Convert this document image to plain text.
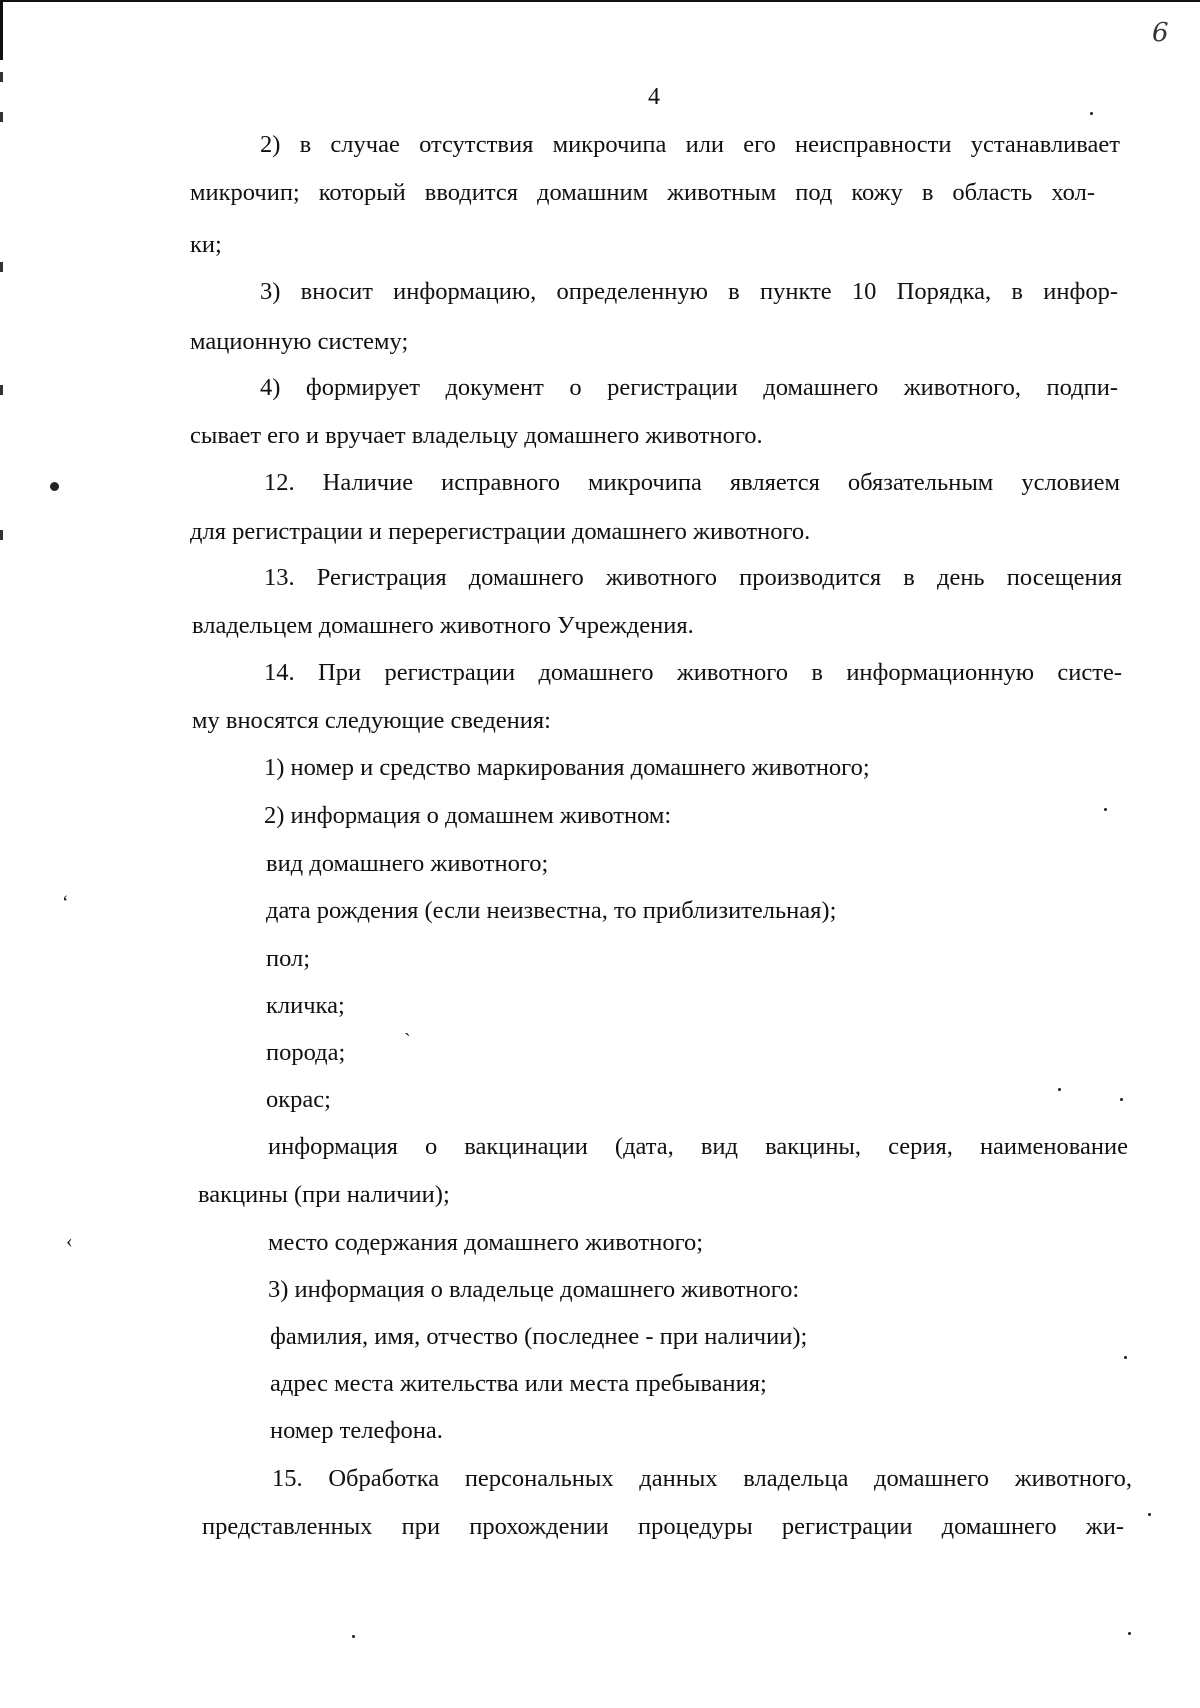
6
4
2) в случае отсутствия микрочипа или его неисправности устанавливает
микрочип; который вводится домашним животным под кожу в область хол-
ки;
3) вносит информацию, определенную в пункте 10 Порядка, в инфор-
мационную систему;
4) формирует документ о регистрации домашнего животного, подпи-
сывает его и вручает владельцу домашнего животного.
12. Наличие исправного микрочипа является обязательным условием
для регистрации и перерегистрации домашнего животного.
13. Регистрация домашнего животного производится в день посещения
владельцем домашнего животного Учреждения.
14. При регистрации домашнего животного в информационную систе-
му вносятся следующие сведения:
1) номер и средство маркирования домашнего животного;
2) информация о домашнем животном:
вид домашнего животного;
дата рождения (если неизвестна, то приблизительная);
пол;
кличка;
порода;
окрас;
информация о вакцинации (дата, вид вакцины, серия, наименование
вакцины (при наличии);
место содержания домашнего животного;
3) информация о владельце домашнего животного:
фамилия, имя, отчество (последнее - при наличии);
адрес места жительства или места пребывания;
номер телефона.
15. Обработка персональных данных владельца домашнего животного,
представленных при прохождении процедуры регистрации домашнего жи-
ʻ
‹
`
